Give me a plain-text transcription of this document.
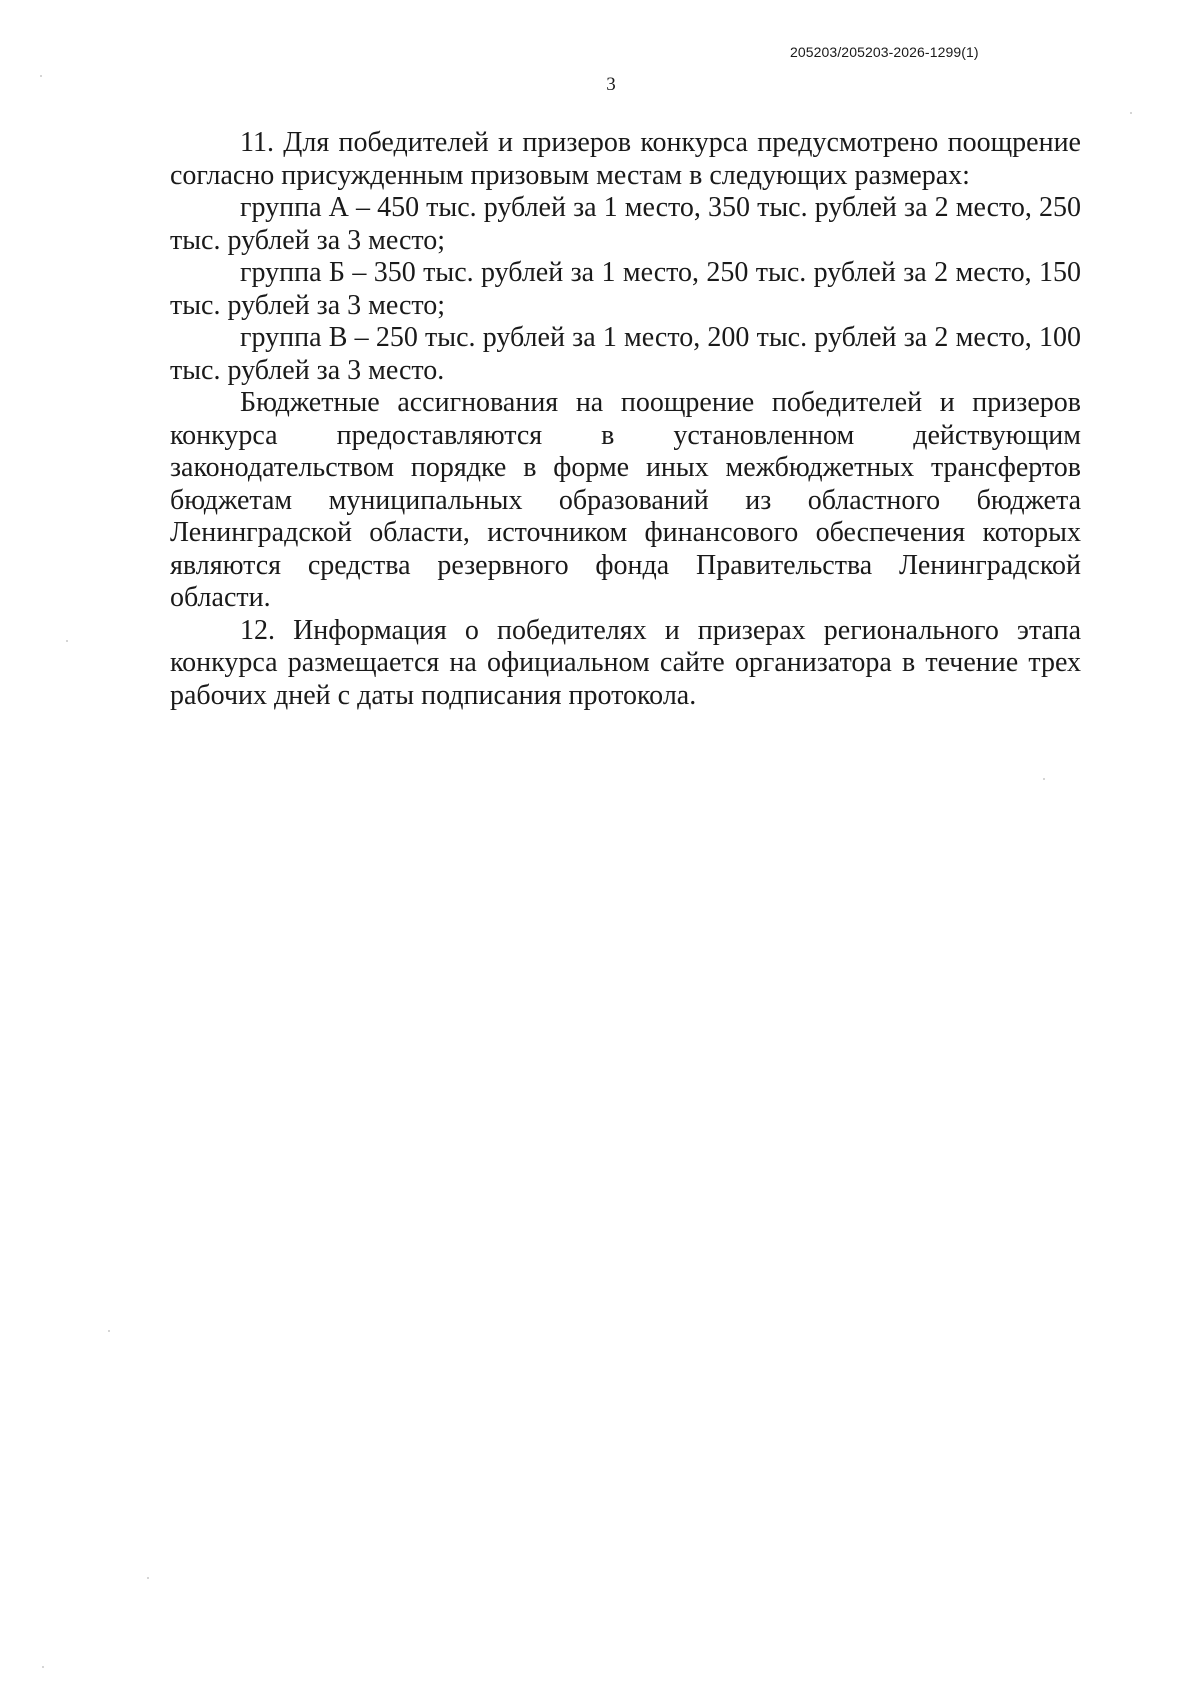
205203/205203-2026-1299(1)
3

11. Для победителей и призеров конкурса предусмотрено поощрение согласно присужденным призовым местам в следующих размерах:

группа А – 450 тыс. рублей за 1 место, 350 тыс. рублей за 2 место, 250 тыс. рублей за 3 место;

группа Б – 350 тыс. рублей за 1 место, 250 тыс. рублей за 2 место, 150 тыс. рублей за 3 место;

группа В – 250 тыс. рублей за 1 место, 200 тыс. рублей за 2 место, 100 тыс. рублей за 3 место.

Бюджетные ассигнования на поощрение победителей и призеров конкурса предоставляются в установленном действующим законодательством порядке в форме иных межбюджетных трансфертов бюджетам муниципальных образований из областного бюджета Ленинградской области, источником финансового обеспечения которых являются средства резервного фонда Правительства Ленинградской области.

12. Информация о победителях и призерах регионального этапа конкурса размещается на официальном сайте организатора в течение трех рабочих дней с даты подписания протокола.
